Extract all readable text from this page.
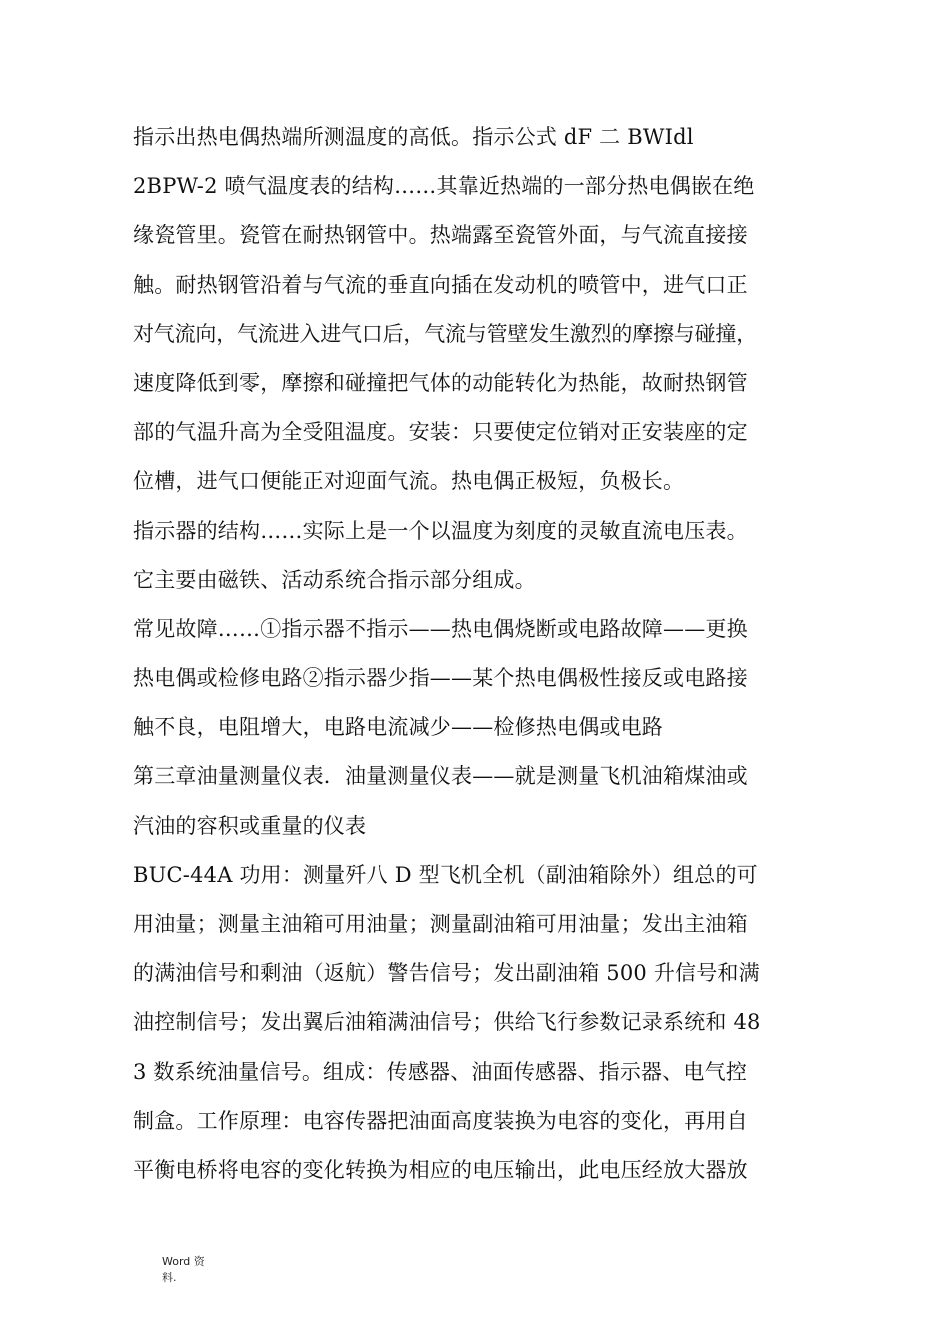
指示出热电偶热端所测温度的高低。指示公式 dF 二 BWIdl
2BPW-2 喷气温度表的结构……其靠近热端的一部分热电偶嵌在绝
缘瓷管里。瓷管在耐热钢管中。热端露至瓷管外面，与气流直接接
触。耐热钢管沿着与气流的垂直向插在发动机的喷管中，进气口正
对气流向，气流进入进气口后，气流与管壁发生激烈的摩擦与碰撞，
速度降低到零，摩擦和碰撞把气体的动能转化为热能，故耐热钢管
部的气温升高为全受阻温度。安装：只要使定位销对正安装座的定
位槽，进气口便能正对迎面气流。热电偶正极短，负极长。
指示器的结构……实际上是一个以温度为刻度的灵敏直流电压表。
它主要由磁铁、活动系统合指示部分组成。
常见故障……①指示器不指示——热电偶烧断或电路故障——更换
热电偶或检修电路②指示器少指——某个热电偶极性接反或电路接
触不良，电阻增大，电路电流减少——检修热电偶或电路
第三章油量测量仪表．油量测量仪表——就是测量飞机油箱煤油或
汽油的容积或重量的仪表
BUC-44A 功用：测量歼八 D 型飞机全机（副油箱除外）组总的可
用油量；测量主油箱可用油量；测量副油箱可用油量；发出主油箱
的满油信号和剩油（返航）警告信号；发出副油箱 500 升信号和满
油控制信号；发出翼后油箱满油信号；供给飞行参数记录系统和 48
3 数系统油量信号。组成：传感器、油面传感器、指示器、电气控
制盒。工作原理：电容传器把油面高度装换为电容的变化，再用自
平衡电桥将电容的变化转换为相应的电压输出，此电压经放大器放
Word 资
料.
